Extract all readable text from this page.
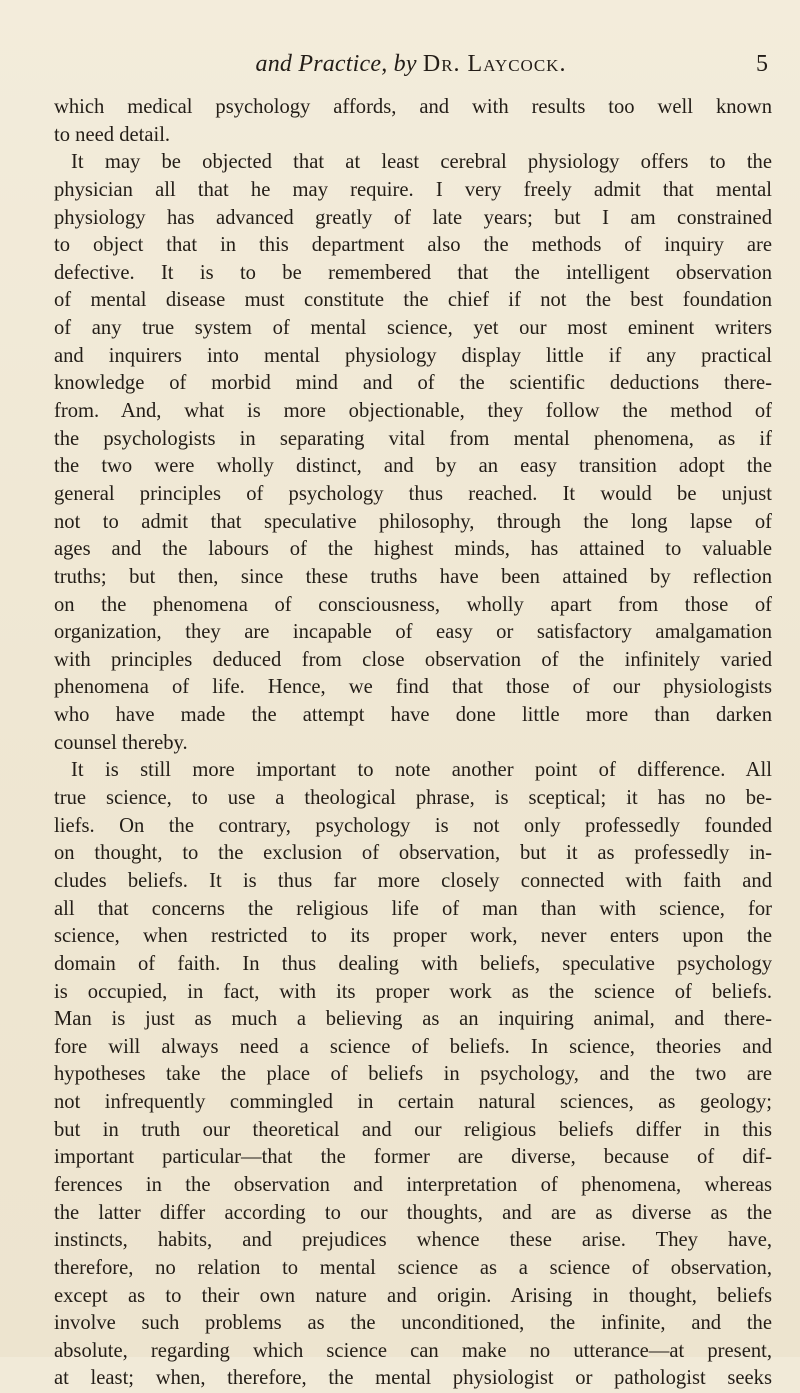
and Practice, by Dr. Laycock.	5
which medical psychology affords, and with results too well known
to need detail.
It may be objected that at least cerebral physiology offers to the
physician all that he may require. I very freely admit that mental
physiology has advanced greatly of late years; but I am constrained
to object that in this department also the methods of inquiry are
defective. It is to be remembered that the intelligent observation
of mental disease must constitute the chief if not the best foundation
of any true system of mental science, yet our most eminent writers
and inquirers into mental physiology display little if any practical
knowledge of morbid mind and of the scientific deductions there-
from. And, what is more objectionable, they follow the method of
the psychologists in separating vital from mental phenomena, as if
the two were wholly distinct, and by an easy transition adopt the
general principles of psychology thus reached. It would be unjust
not to admit that speculative philosophy, through the long lapse of
ages and the labours of the highest minds, has attained to valuable
truths; but then, since these truths have been attained by reflection
on the phenomena of consciousness, wholly apart from those of
organization, they are incapable of easy or satisfactory amalgamation
with principles deduced from close observation of the infinitely varied
phenomena of life. Hence, we find that those of our physiologists
who have made the attempt have done little more than darken
counsel thereby.
It is still more important to note another point of difference. All
true science, to use a theological phrase, is sceptical; it has no be-
liefs. On the contrary, psychology is not only professedly founded
on thought, to the exclusion of observation, but it as professedly in-
cludes beliefs. It is thus far more closely connected with faith and
all that concerns the religious life of man than with science, for
science, when restricted to its proper work, never enters upon the
domain of faith. In thus dealing with beliefs, speculative psychology
is occupied, in fact, with its proper work as the science of beliefs.
Man is just as much a believing as an inquiring animal, and there-
fore will always need a science of beliefs. In science, theories and
hypotheses take the place of beliefs in psychology, and the two are
not infrequently commingled in certain natural sciences, as geology;
but in truth our theoretical and our religious beliefs differ in this
important particular—that the former are diverse, because of dif-
ferences in the observation and interpretation of phenomena, whereas
the latter differ according to our thoughts, and are as diverse as the
instincts, habits, and prejudices whence these arise. They have,
therefore, no relation to mental science as a science of observation,
except as to their own nature and origin. Arising in thought, beliefs
involve such problems as the unconditioned, the infinite, and the
absolute, regarding which science can make no utterance—at present,
at least; when, therefore, the mental physiologist or pathologist seeks
